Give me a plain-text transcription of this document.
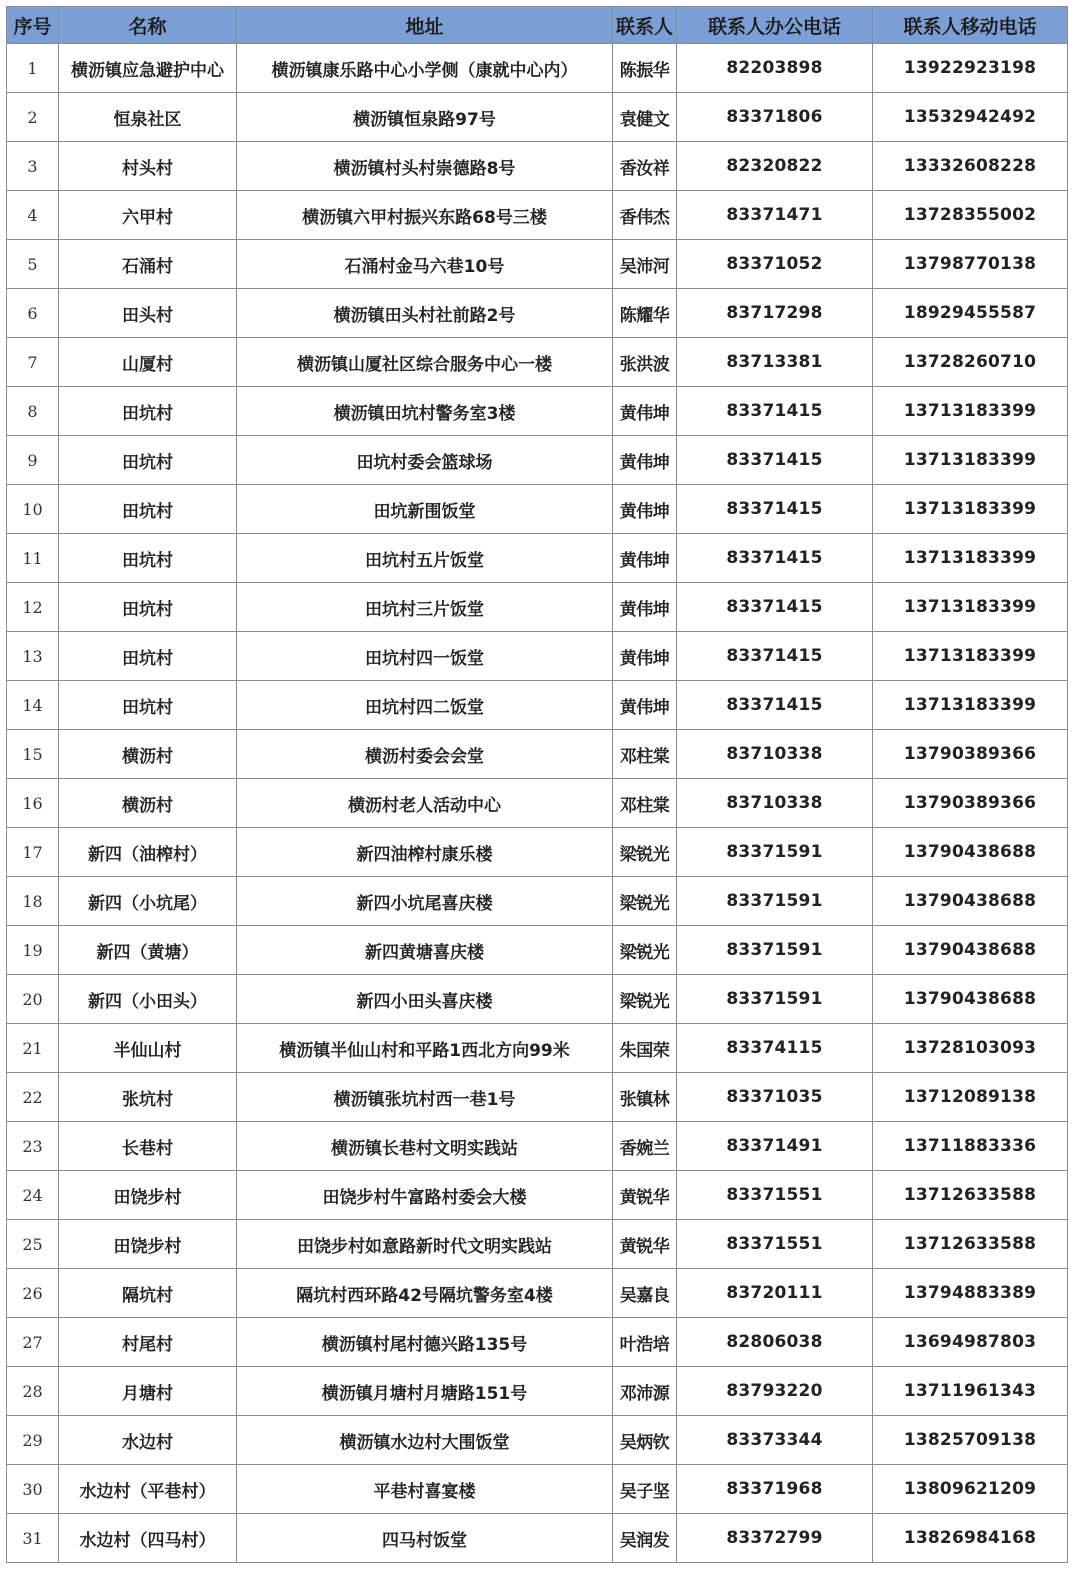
序号	名称	地址	联系人	联系人办公电话	联系人移动电话
1	横沥镇应急避护中心	横沥镇康乐路中心小学侧（康就中心内）	陈振华	82203898	13922923198
2	恒泉社区	横沥镇恒泉路97号	袁健文	83371806	13532942492
3	村头村	横沥镇村头村崇德路8号	香汝祥	82320822	13332608228
4	六甲村	横沥镇六甲村振兴东路68号三楼	香伟杰	83371471	13728355002
5	石涌村	石涌村金马六巷10号	吴沛河	83371052	13798770138
6	田头村	横沥镇田头村社前路2号	陈耀华	83717298	18929455587
7	山厦村	横沥镇山厦社区综合服务中心一楼	张洪波	83713381	13728260710
8	田坑村	横沥镇田坑村警务室3楼	黄伟坤	83371415	13713183399
9	田坑村	田坑村委会篮球场	黄伟坤	83371415	13713183399
10	田坑村	田坑新围饭堂	黄伟坤	83371415	13713183399
11	田坑村	田坑村五片饭堂	黄伟坤	83371415	13713183399
12	田坑村	田坑村三片饭堂	黄伟坤	83371415	13713183399
13	田坑村	田坑村四一饭堂	黄伟坤	83371415	13713183399
14	田坑村	田坑村四二饭堂	黄伟坤	83371415	13713183399
15	横沥村	横沥村委会会堂	邓柱棠	83710338	13790389366
16	横沥村	横沥村老人活动中心	邓柱棠	83710338	13790389366
17	新四（油榨村）	新四油榨村康乐楼	梁锐光	83371591	13790438688
18	新四（小坑尾）	新四小坑尾喜庆楼	梁锐光	83371591	13790438688
19	新四（黄塘）	新四黄塘喜庆楼	梁锐光	83371591	13790438688
20	新四（小田头）	新四小田头喜庆楼	梁锐光	83371591	13790438688
21	半仙山村	横沥镇半仙山村和平路1西北方向99米	朱国荣	83374115	13728103093
22	张坑村	横沥镇张坑村西一巷1号	张镇林	83371035	13712089138
23	长巷村	横沥镇长巷村文明实践站	香婉兰	83371491	13711883336
24	田饶步村	田饶步村牛富路村委会大楼	黄锐华	83371551	13712633588
25	田饶步村	田饶步村如意路新时代文明实践站	黄锐华	83371551	13712633588
26	隔坑村	隔坑村西环路42号隔坑警务室4楼	吴嘉良	83720111	13794883389
27	村尾村	横沥镇村尾村德兴路135号	叶浩培	82806038	13694987803
28	月塘村	横沥镇月塘村月塘路151号	邓沛源	83793220	13711961343
29	水边村	横沥镇水边村大围饭堂	吴炳钦	83373344	13825709138
30	水边村（平巷村）	平巷村喜宴楼	吴子坚	83371968	13809621209
31	水边村（四马村）	四马村饭堂	吴润发	83372799	13826984168
